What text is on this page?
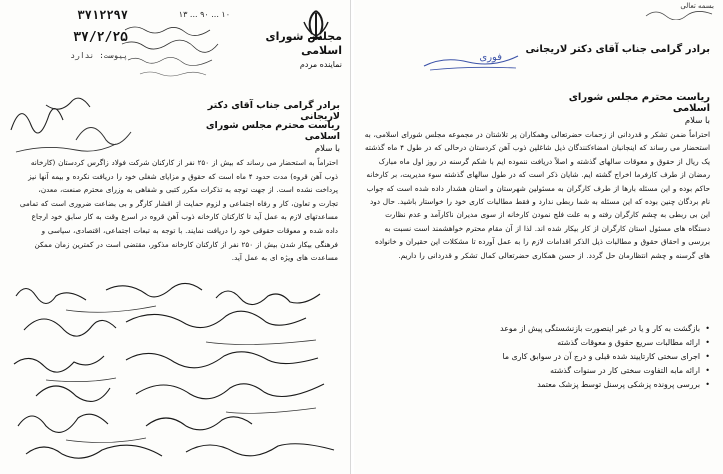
۳۷۱۲۲۹۷
۳۷/۲/۲۵
پیوست: ندارد
۱۰ ... ۹۰ ... ۱۳
مجلس شورای اسلامی
نماینده مردم
برادر گرامی جناب آقای دکتر لاریجانی
ریاست محترم مجلس شورای اسلامی
با سلام
احتراماً به استحضار می رساند که بیش از ۲۵۰ نفر از کارکنان شرکت فولاد زاگرس کردستان (کارخانه ذوب آهن قروه) مدت حدود ۴ ماه است که حقوق و مزایای شغلی خود را دریافت نکرده و بیمه آنها نیز پرداخت نشده است. از جهت توجه به تذکرات مکرر کتبی و شفاهی به وزرای محترم صنعت، معدن، تجارت و تعاون، کار و رفاه اجتماعی و لزوم حمایت از اقشار کارگر و بی بضاعت ضروری است که تمامی مساعدتهای لازم به عمل آید تا کارکنان کارخانه ذوب آهن قروه در اسرع وقت به کار سابق خود ارجاع داده شده و معوقات حقوقی خود را دریافت نمایند. با توجه به تبعات اجتماعی، اقتصادی، سیاسی و فرهنگی بیکار شدن بیش از ۲۵۰ نفر از کارکنان کارخانه مذکور، مقتضی است در کمترین زمان ممکن مساعدت های ویژه ای به عمل آید.
بسمه تعالی
فوری
برادر گرامی جناب آقای دکتر لاریجانی
ریاست محترم مجلس شورای اسلامی
با سلام
احتراماً ضمن تشکر و قدردانی از زحمات حضرتعالی وهمکاران پر تلاشتان در مجموعه مجلس شورای اسلامی، به استحضار می رساند که اینجانبان امضاءکنندگان ذیل شاغلین ذوب آهن کردستان درحالی که در طول ۴ ماه گذشته یک ریال از حقوق و معوقات سالهای گذشته و اصلاً دریافت ننموده ایم با شکم گرسنه در روز اول ماه مبارک رمضان از طرف کارفرما اخراج گشته ایم. شایان ذکر است که در طول سالهای گذشته سوء مدیریت، بر کارخانه حاکم بوده و این مسئله بارها از طرف کارگران به مسئولین شهرستان و استان هشدار داده شده است که جواب نام بردگان چنین بوده که این مسئله به شما ربطی ندارد و فقط مطالبات کاری خود را خواستار باشید. حال دود این بی ربطی به چشم کارگران رفته و به علت فلج نمودن کارخانه از سوی مدیران ناکارآمد و عدم نظارت دستگاه های مسئول استان کارگران از کار بیکار شده اند. لذا از آن مقام محترم خواهشمند است نسبت به بررسی و احقاق حقوق و مطالبات ذیل الذکر اقدامات لازم را به عمل آورده تا مشکلات این حقیران و خانواده های گرسنه و چشم انتظارمان حل گردد. از حسن همکاری حضرتعالی کمال تشکر و قدردانی را داریم.
• بازگشت به کار و یا در غیر اینصورت بازنشستگی پیش از موعد
• ارائه مطالبات سریع حقوق و معوقات گذشته
• اجرای سختی کارتاییند شده قبلی و درج آن در سوابق کاری ما
• ارائه مابه التفاوت سختی کار در سنوات گذشته
• بررسی پرونده پزشکی پرسنل توسط پزشک معتمد
